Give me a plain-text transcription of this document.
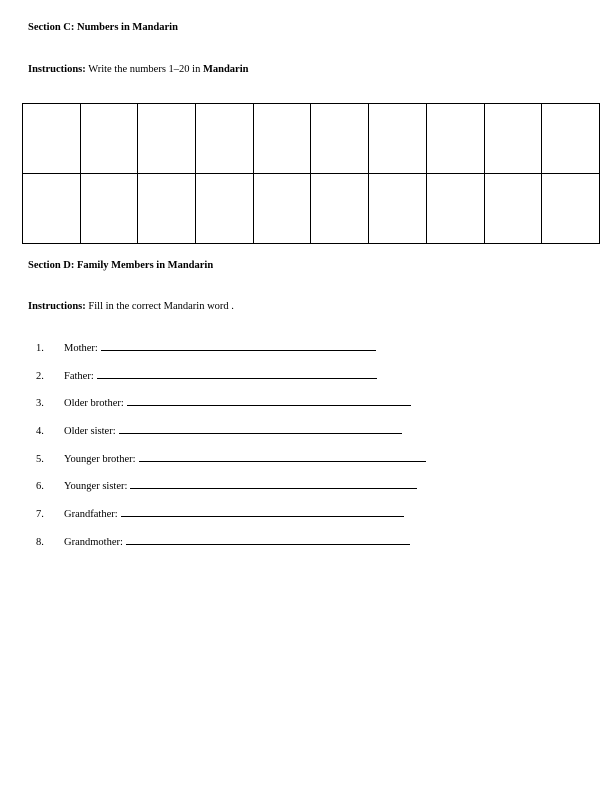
Section C: Numbers in Mandarin
Instructions: Write the numbers 1–20 in Mandarin

Section D: Family Members in Mandarin
Instructions: Fill in the correct Mandarin word .
1 . Mother:
2 . Father:
3 . Older brother:
4 . Older sister:
5 . Younger brother:
6 . Younger sister:
7 . Grandfather:
8 . Grandmother:
